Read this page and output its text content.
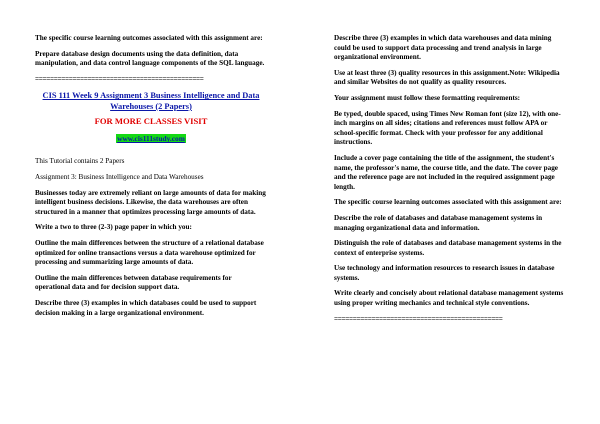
The specific course learning outcomes associated with this assignment are:

Prepare database design documents using the data definition, data manipulation, and data control language components of the SQL language.

=============================================

CIS 111 Week 9 Assignment 3 Business Intelligence and Data Warehouses (2 Papers)

FOR MORE CLASSES VISIT

www.cis111study.com

This Tutorial contains 2 Papers

Assignment 3: Business Intelligence and Data Warehouses

Businesses today are extremely reliant on large amounts of data for making intelligent business decisions. Likewise, the data warehouses are often structured in a manner that optimizes processing large amounts of data.

Write a two to three (2-3) page paper in which you:

Outline the main differences between the structure of a relational database optimized for online transactions versus a data warehouse optimized for processing and summarizing large amounts of data.

Outline the main differences between database requirements for operational data and for decision support data.

Describe three (3) examples in which databases could be used to support decision making in a large organizational environment.

Describe three (3) examples in which data warehouses and data mining could be used to support data processing and trend analysis in large organizational environment.

Use at least three (3) quality resources in this assignment.Note: Wikipedia and similar Websites do not qualify as quality resources.

Your assignment must follow these formatting requirements:

Be typed, double spaced, using Times New Roman font (size 12), with one-inch margins on all sides; citations and references must follow APA or school-specific format. Check with your professor for any additional instructions.

Include a cover page containing the title of the assignment, the student's name, the professor's name, the course title, and the date. The cover page and the reference page are not included in the required assignment page length.

The specific course learning outcomes associated with this assignment are:

Describe the role of databases and database management systems in managing organizational data and information.

Distinguish the role of databases and database management systems in the context of enterprise systems.

Use technology and information resources to research issues in database systems.

Write clearly and concisely about relational database management systems using proper writing mechanics and technical style conventions.

=============================================
